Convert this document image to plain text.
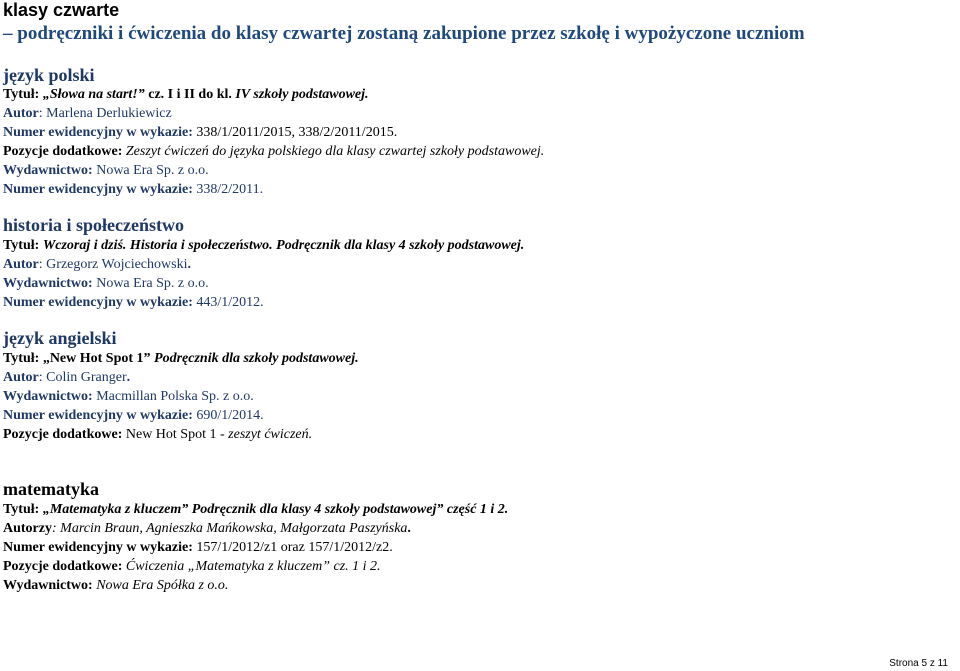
klasy czwarte
– podręczniki i ćwiczenia do klasy czwartej zostaną zakupione przez szkołę i wypożyczone uczniom
język polski
Tytuł: „Słowa na start!” cz. I i II do kl. IV szkoły podstawowej.
Autor: Marlena Derlukiewicz
Numer ewidencyjny w wykazie: 338/1/2011/2015, 338/2/2011/2015.
Pozycje dodatkowe: Zeszyt ćwiczeń do języka polskiego dla klasy czwartej szkoły podstawowej.
Wydawnictwo: Nowa Era Sp. z o.o.
Numer ewidencyjny w wykazie: 338/2/2011.
historia i społeczeństwo
Tytuł: Wczoraj i dziś. Historia i społeczeństwo. Podręcznik dla klasy 4 szkoły podstawowej.
Autor: Grzegorz Wojciechowski.
Wydawnictwo: Nowa Era Sp. z o.o.
Numer ewidencyjny w wykazie: 443/1/2012.
język angielski
Tytuł: „New Hot Spot 1” Podręcznik dla szkoły podstawowej.
Autor: Colin Granger.
Wydawnictwo: Macmillan Polska Sp. z o.o.
Numer ewidencyjny w wykazie: 690/1/2014.
Pozycje dodatkowe: New Hot Spot 1 - zeszyt ćwiczeń.
matematyka
Tytuł: „Matematyka z kluczem” Podręcznik dla klasy 4 szkoły podstawowej” część 1 i 2.
Autorzy: Marcin Braun, Agnieszka Mańkowska, Małgorzata Paszyńska.
Numer ewidencyjny w wykazie: 157/1/2012/z1 oraz 157/1/2012/z2.
Pozycje dodatkowe: Ćwiczenia „Matematyka z kluczem” cz. 1 i 2.
Wydawnictwo: Nowa Era Spółka z o.o.
Strona 5 z 11
